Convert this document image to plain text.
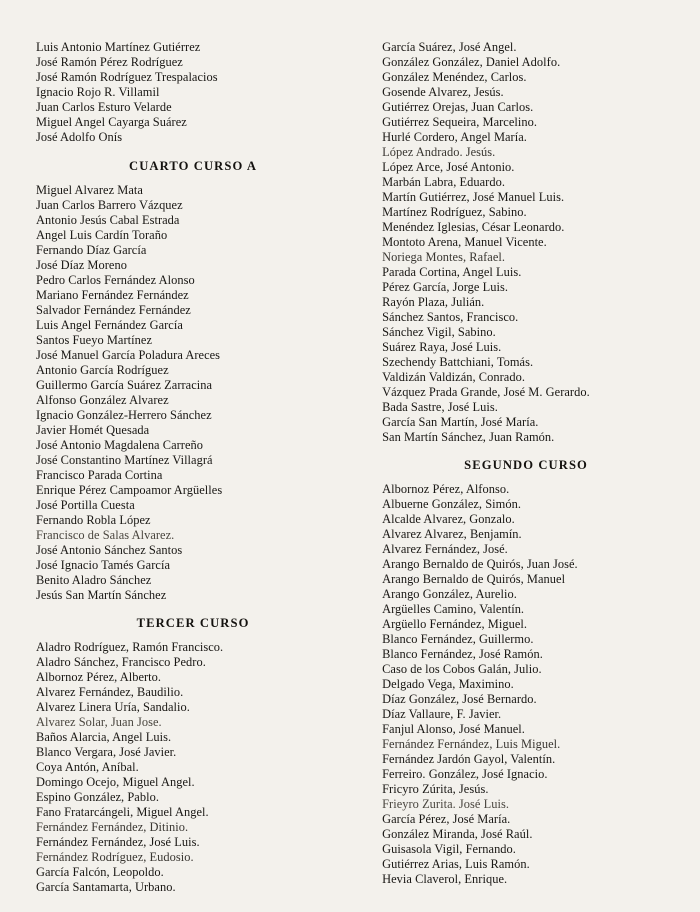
Luis Antonio Martínez Gutiérrez
José Ramón Pérez Rodríguez
José Ramón Rodríguez Trespalacios
Ignacio Rojo R. Villamil
Juan Carlos Esturo Velarde
Miguel Angel Cayarga Suárez
José Adolfo Onís
CUARTO CURSO A
Miguel Alvarez Mata
Juan Carlos Barrero Vázquez
Antonio Jesús Cabal Estrada
Angel Luis Cardín Toraño
Fernando Díaz García
José Díaz Moreno
Pedro Carlos Fernández Alonso
Mariano Fernández Fernández
Salvador Fernández Fernández
Luis Angel Fernández García
Santos Fueyo Martínez
José Manuel García Poladura Areces
Antonio García Rodríguez
Guillermo García Suárez Zarracina
Alfonso González Alvarez
Ignacio González-Herrero Sánchez
Javier Homét Quesada
José Antonio Magdalena Carreño
José Constantino Martínez Villagrá
Francisco Parada Cortina
Enrique Pérez Campoamor Argüelles
José Portilla Cuesta
Fernando Robla López
Francisco de Salas Alvarez.
José Antonio Sánchez Santos
José Ignacio Tamés García
Benito Aladro Sánchez
Jesús San Martín Sánchez
TERCER CURSO
Aladro Rodríguez, Ramón Francisco.
Aladro Sánchez, Francisco Pedro.
Albornoz Pérez, Alberto.
Alvarez Fernández, Baudilio.
Alvarez Linera Uría, Sandalio.
Alvarez Solar, Juan Jose.
Baños Alarcia, Angel Luis.
Blanco Vergara, José Javier.
Coya Antón, Aníbal.
Domingo Ocejo, Miguel Angel.
Espino González, Pablo.
Fano Fratarcángeli, Miguel Angel.
Fernández Fernández, Ditinio.
Fernández Fernández, José Luis.
Fernández Rodríguez, Eudosio.
García Falcón, Leopoldo.
García Santamarta, Urbano.
García Suárez, José Angel.
González González, Daniel Adolfo.
González Menéndez, Carlos.
Gosende Alvarez, Jesús.
Gutiérrez Orejas, Juan Carlos.
Gutiérrez Sequeira, Marcelino.
Hurlé Cordero, Angel María.
López Andrado. Jesús.
López Arce, José Antonio.
Marbán Labra, Eduardo.
Martín Gutiérrez, José Manuel Luis.
Martínez Rodríguez, Sabino.
Menéndez Iglesias, César Leonardo.
Montoto Arena, Manuel Vicente.
Noriega Montes, Rafael.
Parada Cortina, Angel Luis.
Pérez García, Jorge Luis.
Rayón Plaza, Julián.
Sánchez Santos, Francisco.
Sánchez Vigil, Sabino.
Suárez Raya, José Luis.
Szechendy Battchiani, Tomás.
Valdizán Valdizán, Conrado.
Vázquez Prada Grande, José M. Gerardo.
Bada Sastre, José Luis.
García San Martín, José María.
San Martín Sánchez, Juan Ramón.
SEGUNDO CURSO
Albornoz Pérez, Alfonso.
Albuerne González, Simón.
Alcalde Alvarez, Gonzalo.
Alvarez Alvarez, Benjamín.
Alvarez Fernández, José.
Arango Bernaldo de Quirós, Juan José.
Arango Bernaldo de Quirós, Manuel
Arango González, Aurelio.
Argüelles Camino, Valentín.
Argüello Fernández, Miguel.
Blanco Fernández, Guillermo.
Blanco Fernández, José Ramón.
Caso de los Cobos Galán, Julio.
Delgado Vega, Maximino.
Díaz González, José Bernardo.
Díaz Vallaure, F. Javier.
Fanjul Alonso, José Manuel.
Fernández Fernández, Luis Miguel.
Fernández Jardón Gayol, Valentín.
Ferreiro. González, José Ignacio.
Fricyro Zúrita, Jesús.
Frieyro Zurita. José Luis.
García Pérez, José María.
González Miranda, José Raúl.
Guisasola Vigil, Fernando.
Gutiérrez Arias, Luis Ramón.
Hevia Claverol, Enrique.
